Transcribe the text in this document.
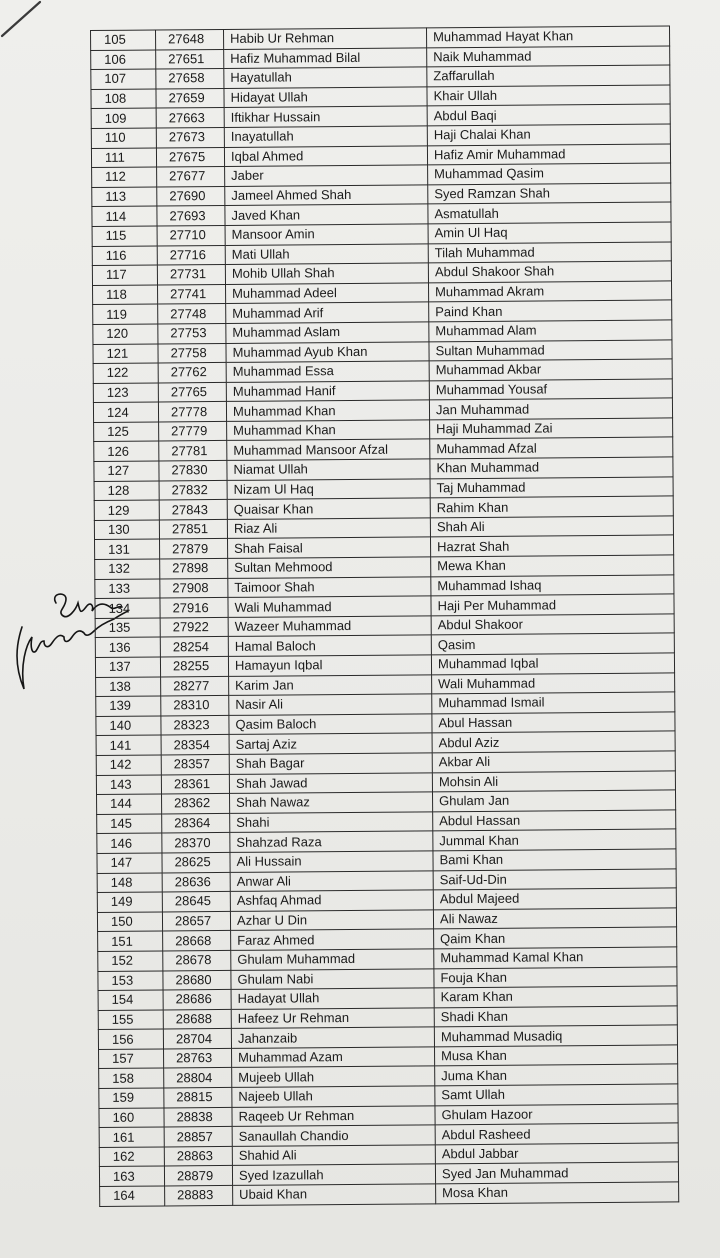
105	27648	Habib Ur Rehman	Muhammad Hayat Khan
106	27651	Hafiz Muhammad Bilal	Naik Muhammad
107	27658	Hayatullah	Zaffarullah
108	27659	Hidayat Ullah	Khair Ullah
109	27663	Iftikhar Hussain	Abdul Baqi
110	27673	Inayatullah	Haji Chalai Khan
111	27675	Iqbal Ahmed	Hafiz Amir Muhammad
112	27677	Jaber	Muhammad Qasim
113	27690	Jameel Ahmed Shah	Syed Ramzan Shah
114	27693	Javed Khan	Asmatullah
115	27710	Mansoor Amin	Amin Ul Haq
116	27716	Mati Ullah	Tilah Muhammad
117	27731	Mohib Ullah Shah	Abdul Shakoor Shah
118	27741	Muhammad Adeel	Muhammad Akram
119	27748	Muhammad Arif	Paind Khan
120	27753	Muhammad Aslam	Muhammad Alam
121	27758	Muhammad Ayub Khan	Sultan Muhammad
122	27762	Muhammad Essa	Muhammad Akbar
123	27765	Muhammad Hanif	Muhammad Yousaf
124	27778	Muhammad Khan	Jan Muhammad
125	27779	Muhammad Khan	Haji Muhammad Zai
126	27781	Muhammad Mansoor Afzal	Muhammad Afzal
127	27830	Niamat Ullah	Khan Muhammad
128	27832	Nizam Ul Haq	Taj Muhammad
129	27843	Quaisar Khan	Rahim Khan
130	27851	Riaz Ali	Shah Ali
131	27879	Shah Faisal	Hazrat Shah
132	27898	Sultan Mehmood	Mewa Khan
133	27908	Taimoor Shah	Muhammad Ishaq
134	27916	Wali Muhammad	Haji Per Muhammad
135	27922	Wazeer Muhammad	Abdul Shakoor
136	28254	Hamal Baloch	Qasim
137	28255	Hamayun Iqbal	Muhammad Iqbal
138	28277	Karim Jan	Wali Muhammad
139	28310	Nasir Ali	Muhammad Ismail
140	28323	Qasim Baloch	Abul Hassan
141	28354	Sartaj Aziz	Abdul Aziz
142	28357	Shah Bagar	Akbar Ali
143	28361	Shah Jawad	Mohsin Ali
144	28362	Shah Nawaz	Ghulam Jan
145	28364	Shahi	Abdul Hassan
146	28370	Shahzad Raza	Jummal Khan
147	28625	Ali Hussain	Bami Khan
148	28636	Anwar Ali	Saif-Ud-Din
149	28645	Ashfaq Ahmad	Abdul Majeed
150	28657	Azhar U Din	Ali Nawaz
151	28668	Faraz Ahmed	Qaim Khan
152	28678	Ghulam Muhammad	Muhammad Kamal Khan
153	28680	Ghulam Nabi	Fouja Khan
154	28686	Hadayat Ullah	Karam Khan
155	28688	Hafeez Ur Rehman	Shadi Khan
156	28704	Jahanzaib	Muhammad Musadiq
157	28763	Muhammad Azam	Musa Khan
158	28804	Mujeeb Ullah	Juma Khan
159	28815	Najeeb Ullah	Samt Ullah
160	28838	Raqeeb Ur Rehman	Ghulam Hazoor
161	28857	Sanaullah Chandio	Abdul Rasheed
162	28863	Shahid Ali	Abdul Jabbar
163	28879	Syed Izazullah	Syed Jan Muhammad
164	28883	Ubaid Khan	Mosa Khan
